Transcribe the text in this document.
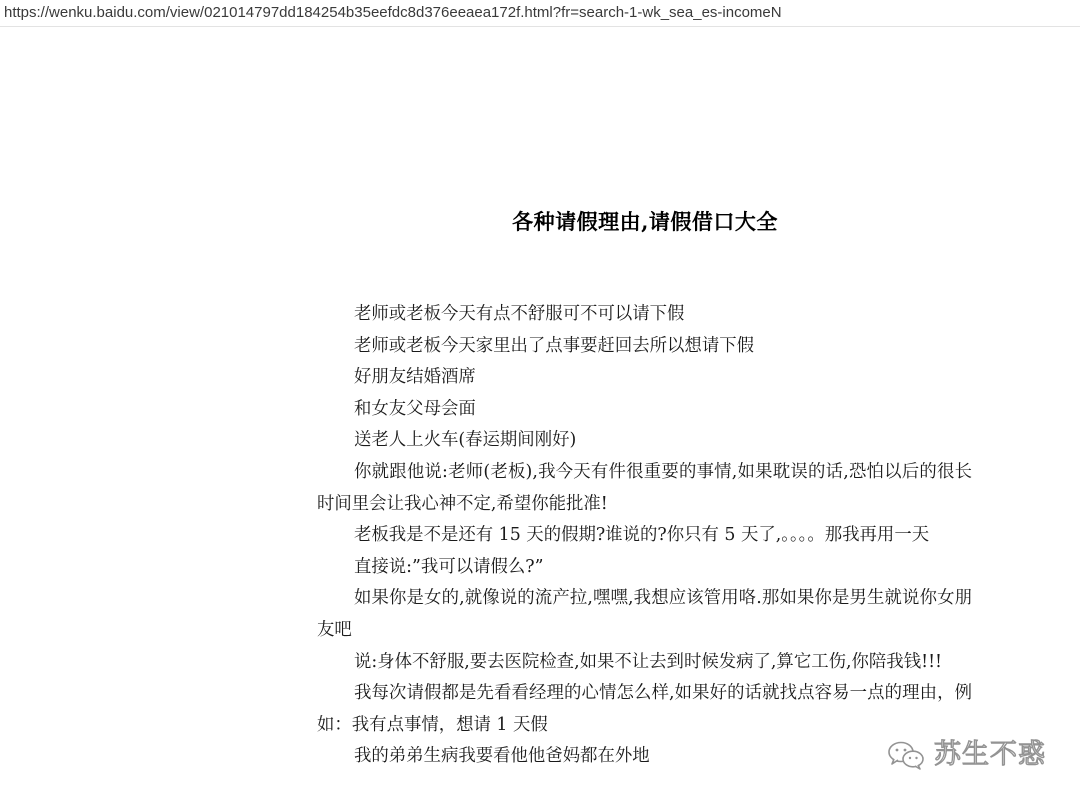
https://wenku.baidu.com/view/021014797dd184254b35eefdc8d376eeaea172f.html?fr=search-1-wk_sea_es-incomeN
各种请假理由,请假借口大全

老师或老板今天有点不舒服可不可以请下假

老师或老板今天家里出了点事要赶回去所以想请下假

好朋友结婚酒席

和女友父母会面

送老人上火车(春运期间刚好)

你就跟他说:老师(老板),我今天有件很重要的事情,如果耽误的话,恐怕以后的很长时间里会让我心神不定,希望你能批准!

老板我是不是还有 15 天的假期?谁说的?你只有 5 天了,。。。。那我再用一天

直接说:”我可以请假么?”

如果你是女的,就像说的流产拉,嘿嘿,我想应该管用咯.那如果你是男生就说你女朋友吧

说:身体不舒服,要去医院检查,如果不让去到时候发病了,算它工伤,你陪我钱!!!

我每次请假都是先看看经理的心情怎么样,如果好的话就找点容易一点的理由，例如：我有点事情，想请 1 天假

我的弟弟生病我要看他他爸妈都在外地	苏生不惑
